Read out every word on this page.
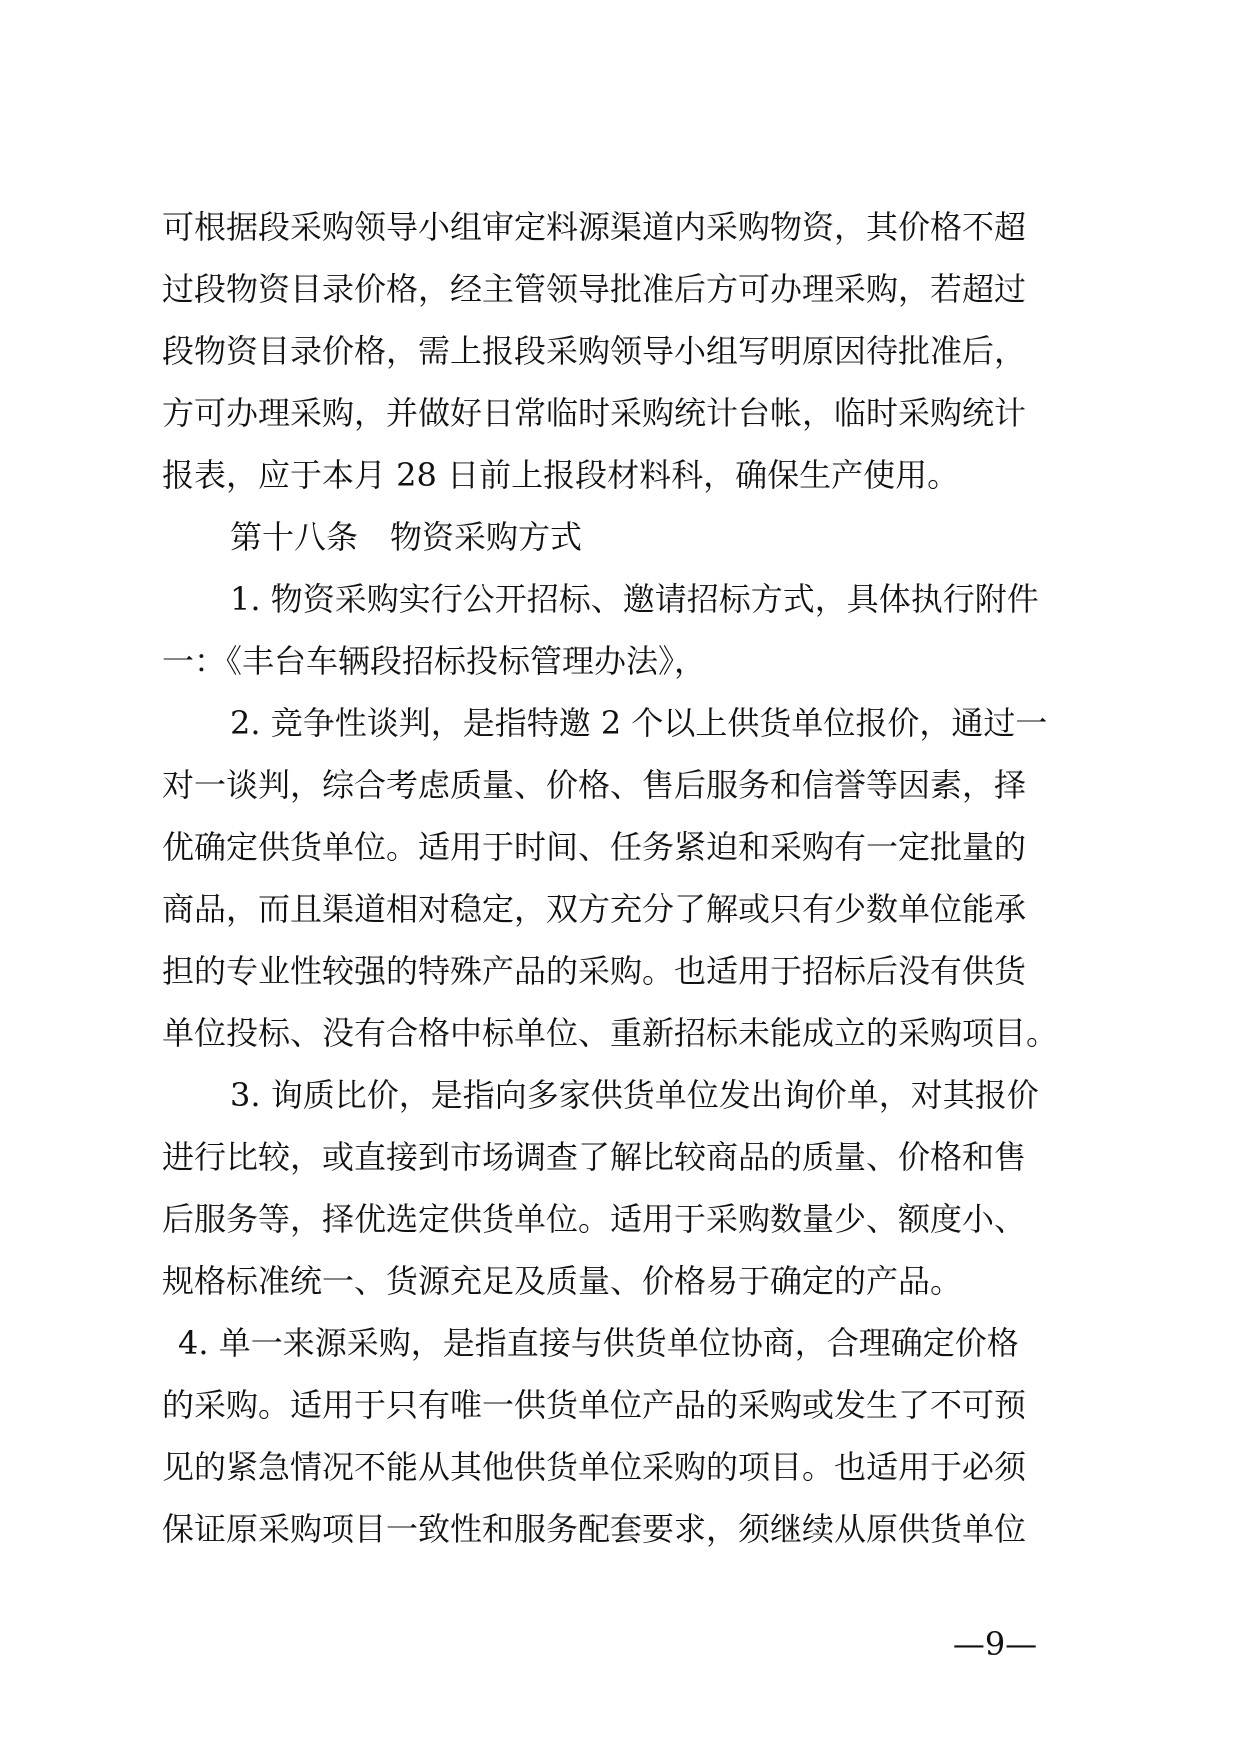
可根据段采购领导小组审定料源渠道内采购物资，其价格不超
过段物资目录价格，经主管领导批准后方可办理采购，若超过
段物资目录价格，需上报段采购领导小组写明原因待批准后，
方可办理采购，并做好日常临时采购统计台帐，临时采购统计
报表，应于本月 28 日前上报段材料科，确保生产使用。
第十八条　物资采购方式
1. 物资采购实行公开招标、邀请招标方式，具体执行附件
一：《丰台车辆段招标投标管理办法》，
2. 竞争性谈判，是指特邀 2 个以上供货单位报价，通过一
对一谈判，综合考虑质量、价格、售后服务和信誉等因素，择
优确定供货单位。适用于时间、任务紧迫和采购有一定批量的
商品，而且渠道相对稳定，双方充分了解或只有少数单位能承
担的专业性较强的特殊产品的采购。也适用于招标后没有供货
单位投标、没有合格中标单位、重新招标未能成立的采购项目。
3. 询质比价，是指向多家供货单位发出询价单，对其报价
进行比较，或直接到市场调查了解比较商品的质量、价格和售
后服务等，择优选定供货单位。适用于采购数量少、额度小、
规格标准统一、货源充足及质量、价格易于确定的产品。
4. 单一来源采购，是指直接与供货单位协商，合理确定价格
的采购。适用于只有唯一供货单位产品的采购或发生了不可预
见的紧急情况不能从其他供货单位采购的项目。也适用于必须
保证原采购项目一致性和服务配套要求，须继续从原供货单位
—9—
